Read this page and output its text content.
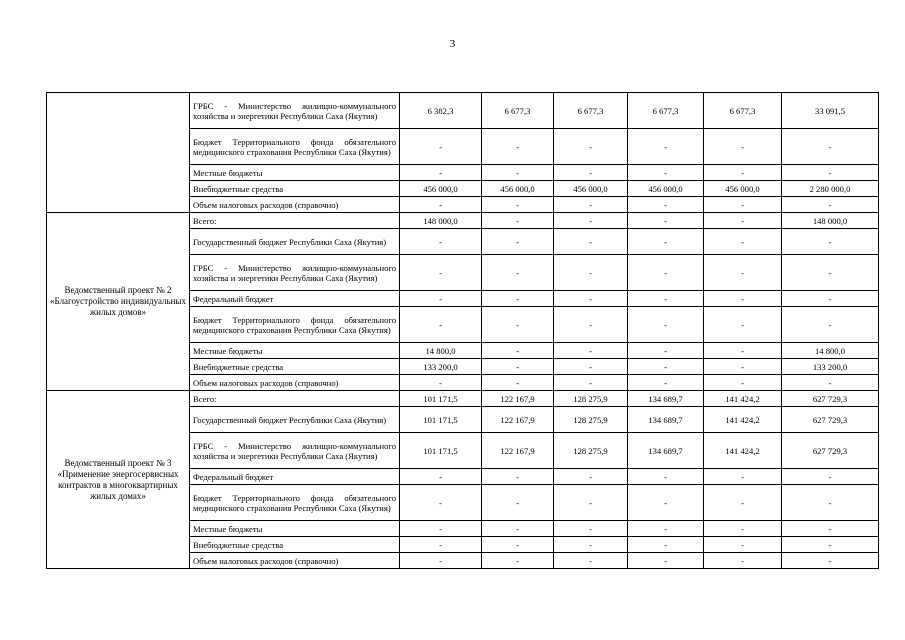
3
	ГРБС - Министерство жилищно-коммунального хозяйства и энергетики Республики Саха (Якутия)	6 382,3	6 677,3	6 677,3	6 677,3	6 677,3	33 091,5
	Бюджет Территориального фонда обязательного медицинского страхования Республики Саха (Якутия)	-	-	-	-	-	-
	Местные бюджеты	-	-	-	-	-	-
	Внебюджетные средства	456 000,0	456 000,0	456 000,0	456 000,0	456 000,0	2 280 000,0
	Объем налоговых расходов (справочно)	-	-	-	-	-	-
Ведомственный проект № 2 «Благоустройство индивидуальных жилых домов»	Всего:	148 000,0	-	-	-	-	148 000,0
	Государственный бюджет Республики Саха (Якутия)	-	-	-	-	-	-
	ГРБС - Министерство жилищно-коммунального хозяйства и энергетики Республики Саха (Якутия)	-	-	-	-	-	-
	Федеральный бюджет	-	-	-	-	-	-
	Бюджет Территориального фонда обязательного медицинского страхования Республики Саха (Якутия)	-	-	-	-	-	-
	Местные бюджеты	14 800,0	-	-	-	-	14 800,0
	Внебюджетные средства	133 200,0	-	-	-	-	133 200,0
	Объем налоговых расходов (справочно)	-	-	-	-	-	-
Ведомственный проект № 3 «Применение энергосервисных контрактов в многоквартирных жилых домах»	Всего:	101 171,5	122 167,9	128 275,9	134 689,7	141 424,2	627 729,3
	Государственный бюджет Республики Саха (Якутия)	101 171,5	122 167,9	128 275,9	134 689,7	141 424,2	627 729,3
	ГРБС - Министерство жилищно-коммунального хозяйства и энергетики Республики Саха (Якутия)	101 171,5	122 167,9	128 275,9	134 689,7	141 424,2	627 729,3
	Федеральный бюджет	-	-	-	-	-	-
	Бюджет Территориального фонда обязательного медицинского страхования Республики Саха (Якутия)	-	-	-	-	-	-
	Местные бюджеты	-	-	-	-	-	-
	Внебюджетные средства	-	-	-	-	-	-
	Объем налоговых расходов (справочно)	-	-	-	-	-	-
